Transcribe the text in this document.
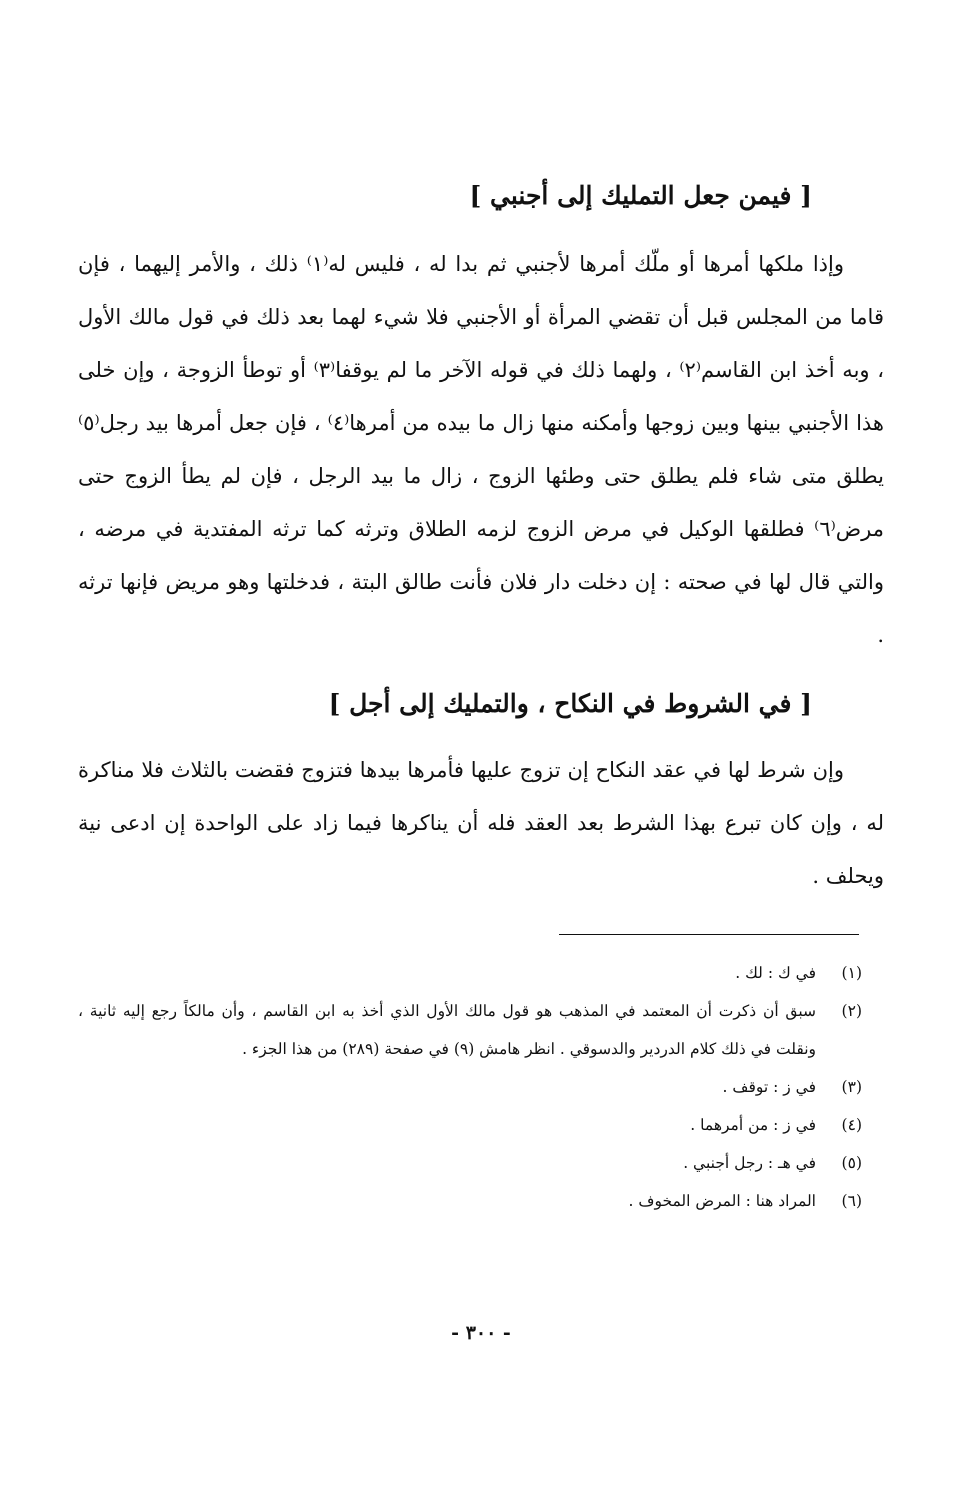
[ فيمن جعل التمليك إلى أجنبي ]

وإذا ملكها أمرها أو ملّك أمرها لأجنبي ثم بدا له ، فليس له⁽١⁾ ذلك ، والأمر إليهما ، فإن قاما من المجلس قبل أن تقضي المرأة أو الأجنبي فلا شيء لهما بعد ذلك في قول مالك الأول ، وبه أخذ ابن القاسم⁽٢⁾ ، ولهما ذلك في قوله الآخر ما لم يوقفا⁽٣⁾ أو توطأ الزوجة ، وإن خلى هذا الأجنبي بينها وبين زوجها وأمكنه منها زال ما بيده من أمرها⁽٤⁾ ، فإن جعل أمرها بيد رجل⁽٥⁾ يطلق متى شاء فلم يطلق حتى وطئها الزوج ، زال ما بيد الرجل ، فإن لم يطأ الزوج حتى مرض⁽٦⁾ فطلقها الوكيل في مرض الزوج لزمه الطلاق وترثه كما ترثه المفتدية في مرضه ، والتي قال لها في صحته : إن دخلت دار فلان فأنت طالق البتة ، فدخلتها وهو مريض فإنها ترثه .

[ في الشروط في النكاح ، والتمليك إلى أجل ]

وإن شرط لها في عقد النكاح إن تزوج عليها فأمرها بيدها فتزوج فقضت بالثلاث فلا مناكرة له ، وإن كان تبرع بهذا الشرط بعد العقد فله أن يناكرها فيما زاد على الواحدة إن ادعى نية ويحلف .

(١)
في ك : لك .
(٢)
سبق أن ذكرت أن المعتمد في المذهب هو قول مالك الأول الذي أخذ به ابن القاسم ، وأن مالكاً رجع إليه ثانية ، ونقلت في ذلك كلام الدردير والدسوقي . انظر هامش (٩) في صفحة (٢٨٩) من هذا الجزء .
(٣)
في ز : توقف .
(٤)
في ز : من أمرهما .
(٥)
في هـ : رجل أجنبي .
(٦)
المراد هنا : المرض المخوف .
- ٣٠٠ -
